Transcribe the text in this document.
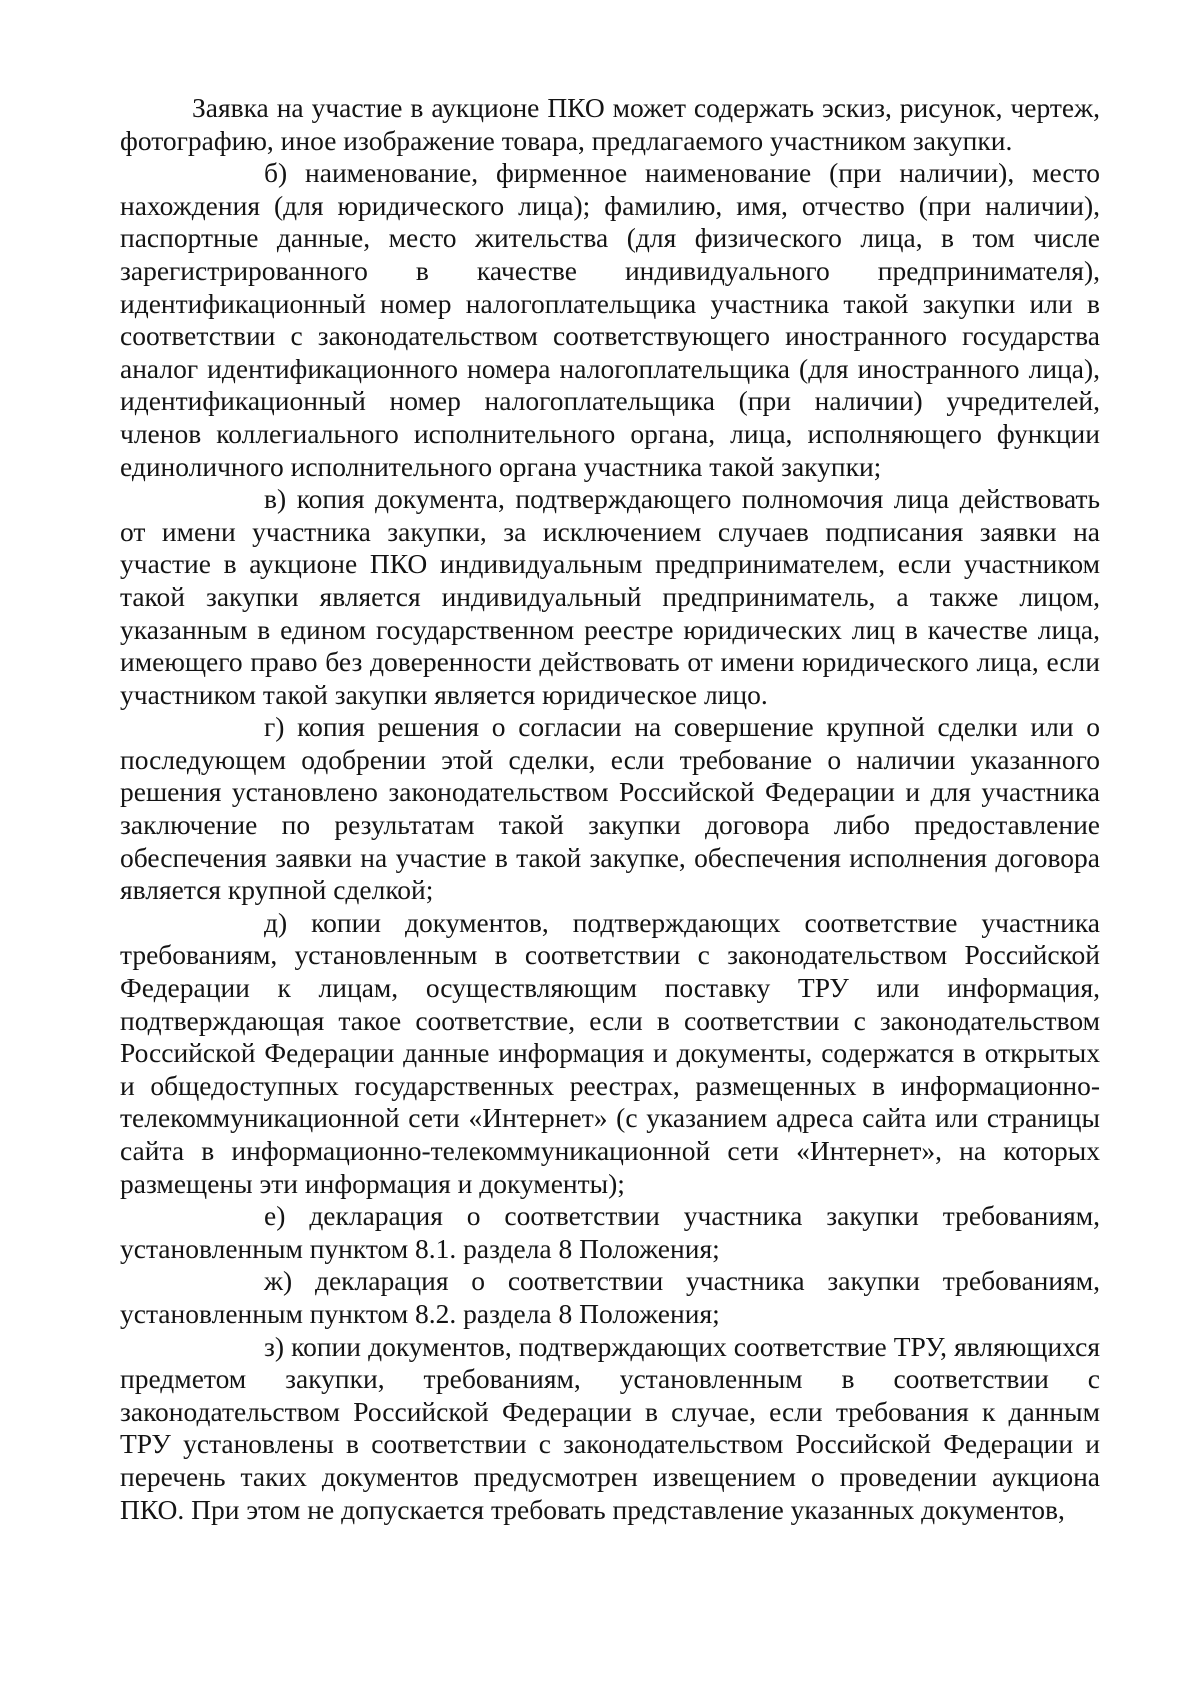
Заявка на участие в аукционе ПКО может содержать эскиз, рисунок, чертеж, фотографию, иное изображение товара, предлагаемого участником закупки.

б) наименование, фирменное наименование (при наличии), место нахождения (для юридического лица); фамилию, имя, отчество (при наличии), паспортные данные, место жительства (для физического лица, в том числе зарегистрированного в качестве индивидуального предпринимателя), идентификационный номер налогоплательщика участника такой закупки или в соответствии с законодательством соответствующего иностранного государства аналог идентификационного номера налогоплательщика (для иностранного лица), идентификационный номер налогоплательщика (при наличии) учредителей, членов коллегиального исполнительного органа, лица, исполняющего функции единоличного исполнительного органа участника такой закупки;

в) копия документа, подтверждающего полномочия лица действовать от имени участника закупки, за исключением случаев подписания заявки на участие в аукционе ПКО индивидуальным предпринимателем, если участником такой закупки является индивидуальный предприниматель, а также лицом, указанным в едином государственном реестре юридических лиц в качестве лица, имеющего право без доверенности действовать от имени юридического лица, если участником такой закупки является юридическое лицо.

г) копия решения о согласии на совершение крупной сделки или о последующем одобрении этой сделки, если требование о наличии указанного решения установлено законодательством Российской Федерации и для участника заключение по результатам такой закупки договора либо предоставление обеспечения заявки на участие в такой закупке, обеспечения исполнения договора является крупной сделкой;

д) копии документов, подтверждающих соответствие участника требованиям, установленным в соответствии с законодательством Российской Федерации к лицам, осуществляющим поставку ТРУ или информация, подтверждающая такое соответствие, если в соответствии с законодательством Российской Федерации данные информация и документы, содержатся в открытых и общедоступных государственных реестрах, размещенных в информационно-телекоммуникационной сети «Интернет» (с указанием адреса сайта или страницы сайта в информационно-телекоммуникационной сети «Интернет», на которых размещены эти информация и документы);

е) декларация о соответствии участника закупки требованиям, установленным пунктом 8.1. раздела 8 Положения;

ж) декларация о соответствии участника закупки требованиям, установленным пунктом 8.2. раздела 8 Положения;

з) копии документов, подтверждающих соответствие ТРУ, являющихся предметом закупки, требованиям, установленным в соответствии с законодательством Российской Федерации в случае, если требования к данным ТРУ установлены в соответствии с законодательством Российской Федерации и перечень таких документов предусмотрен извещением о проведении аукциона ПКО. При этом не допускается требовать представление указанных документов,
